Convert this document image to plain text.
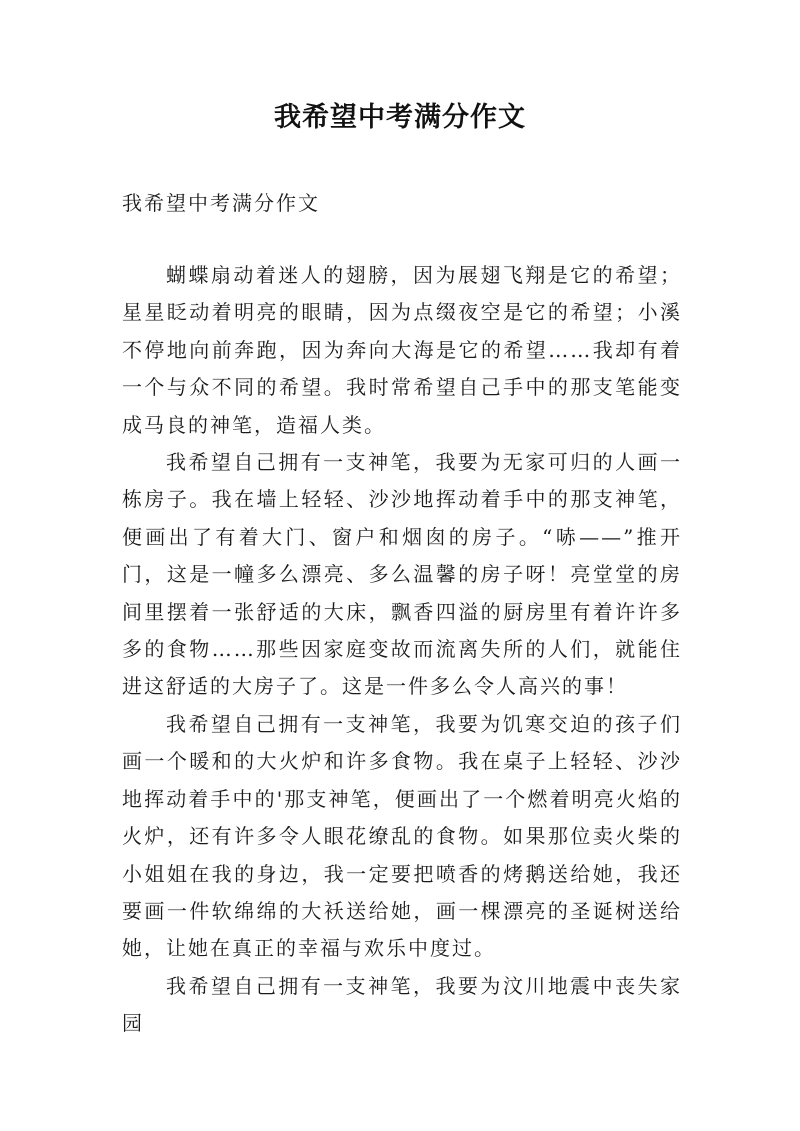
我希望中考满分作文
我希望中考满分作文

蝴蝶扇动着迷人的翅膀，因为展翅飞翔是它的希望；星星眨动着明亮的眼睛，因为点缀夜空是它的希望；小溪不停地向前奔跑，因为奔向大海是它的希望……我却有着一个与众不同的希望。我时常希望自己手中的那支笔能变成马良的神笔，造福人类。

我希望自己拥有一支神笔，我要为无家可归的人画一栋房子。我在墙上轻轻、沙沙地挥动着手中的那支神笔，便画出了有着大门、窗户和烟囱的房子。“哧——”推开门，这是一幢多么漂亮、多么温馨的房子呀！亮堂堂的房间里摆着一张舒适的大床，飘香四溢的厨房里有着许许多多的食物……那些因家庭变故而流离失所的人们，就能住进这舒适的大房子了。这是一件多么令人高兴的事！

我希望自己拥有一支神笔，我要为饥寒交迫的孩子们画一个暖和的大火炉和许多食物。我在桌子上轻轻、沙沙地挥动着手中的'那支神笔，便画出了一个燃着明亮火焰的火炉，还有许多令人眼花缭乱的食物。如果那位卖火柴的小姐姐在我的身边，我一定要把喷香的烤鹅送给她，我还要画一件软绵绵的大袄送给她，画一棵漂亮的圣诞树送给她，让她在真正的幸福与欢乐中度过。

我希望自己拥有一支神笔，我要为汶川地震中丧失家园
